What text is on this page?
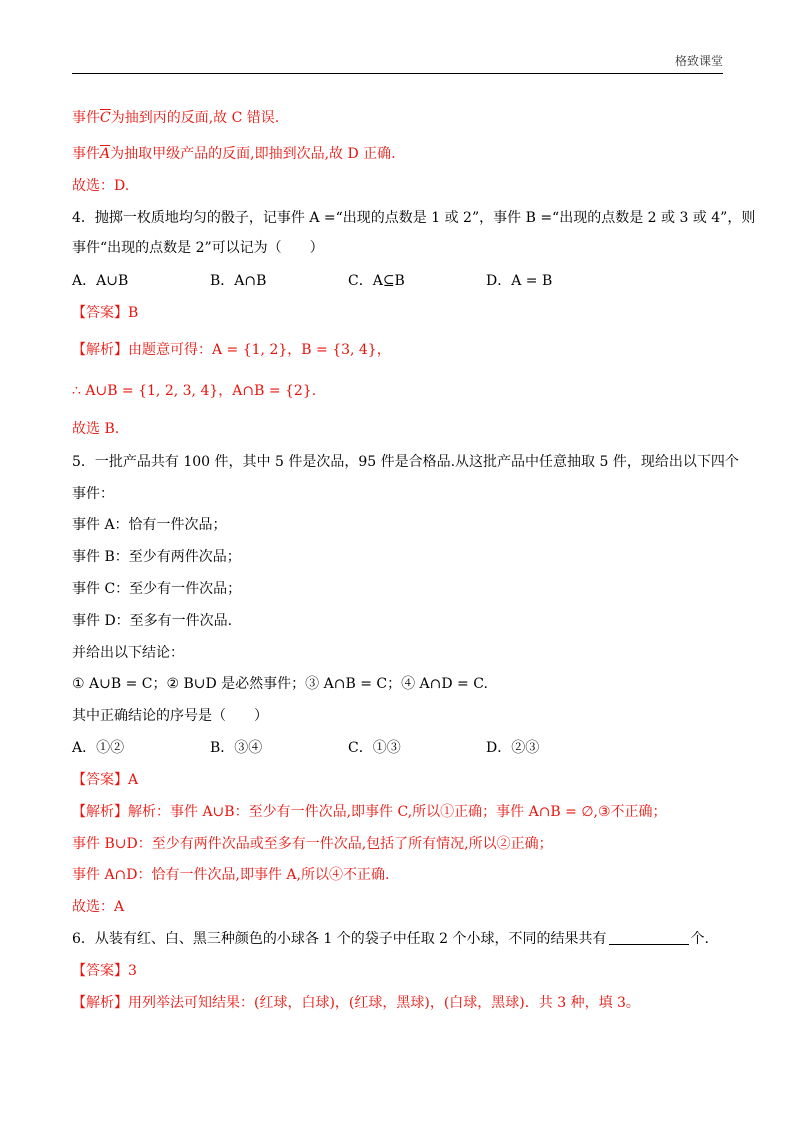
格致课堂
事件$\overline{C}$为抽到丙的反面,故 C 错误.
事件$\overline{A}$为抽取甲级产品的反面,即抽到次品,故 D 正确.
故选：D.
4．抛掷一枚质地均匀的骰子，记事件 A =“出现的点数是 1 或 2”，事件 B =“出现的点数是 2 或 3 或 4”，则
事件“出现的点数是 2”可以记为（　　）
A．A∪B	B．A∩B	C．A⊆B	D．A = B
【答案】B
【解析】由题意可得：A = {1, 2}，B = {3, 4}，
∴ A∪B = {1, 2, 3, 4}，A∩B = {2}.
故选 B.
5．一批产品共有 100 件，其中 5 件是次品，95 件是合格品.从这批产品中任意抽取 5 件，现给出以下四个
事件：
事件 A：恰有一件次品；
事件 B：至少有两件次品；
事件 C：至少有一件次品；
事件 D：至多有一件次品.
并给出以下结论：
① A∪B = C；② B∪D 是必然事件；③ A∩B = C；④ A∩D = C.
其中正确结论的序号是（　　）
A．①②	B．③④	C．①③	D．②③
【答案】A
【解析】解析：事件 A∪B：至少有一件次品,即事件 C,所以①正确；事件 A∩B = ∅,③不正确；
事件 B∪D：至少有两件次品或至多有一件次品,包括了所有情况,所以②正确；
事件 A∩D：恰有一件次品,即事件 A,所以④不正确.
故选：A
6．从装有红、白、黑三种颜色的小球各 1 个的袋子中任取 2 个小球，不同的结果共有	个.
【答案】3
【解析】用列举法可知结果：(红球，白球)，(红球，黑球)，(白球，黑球)．共 3 种，填 3。
